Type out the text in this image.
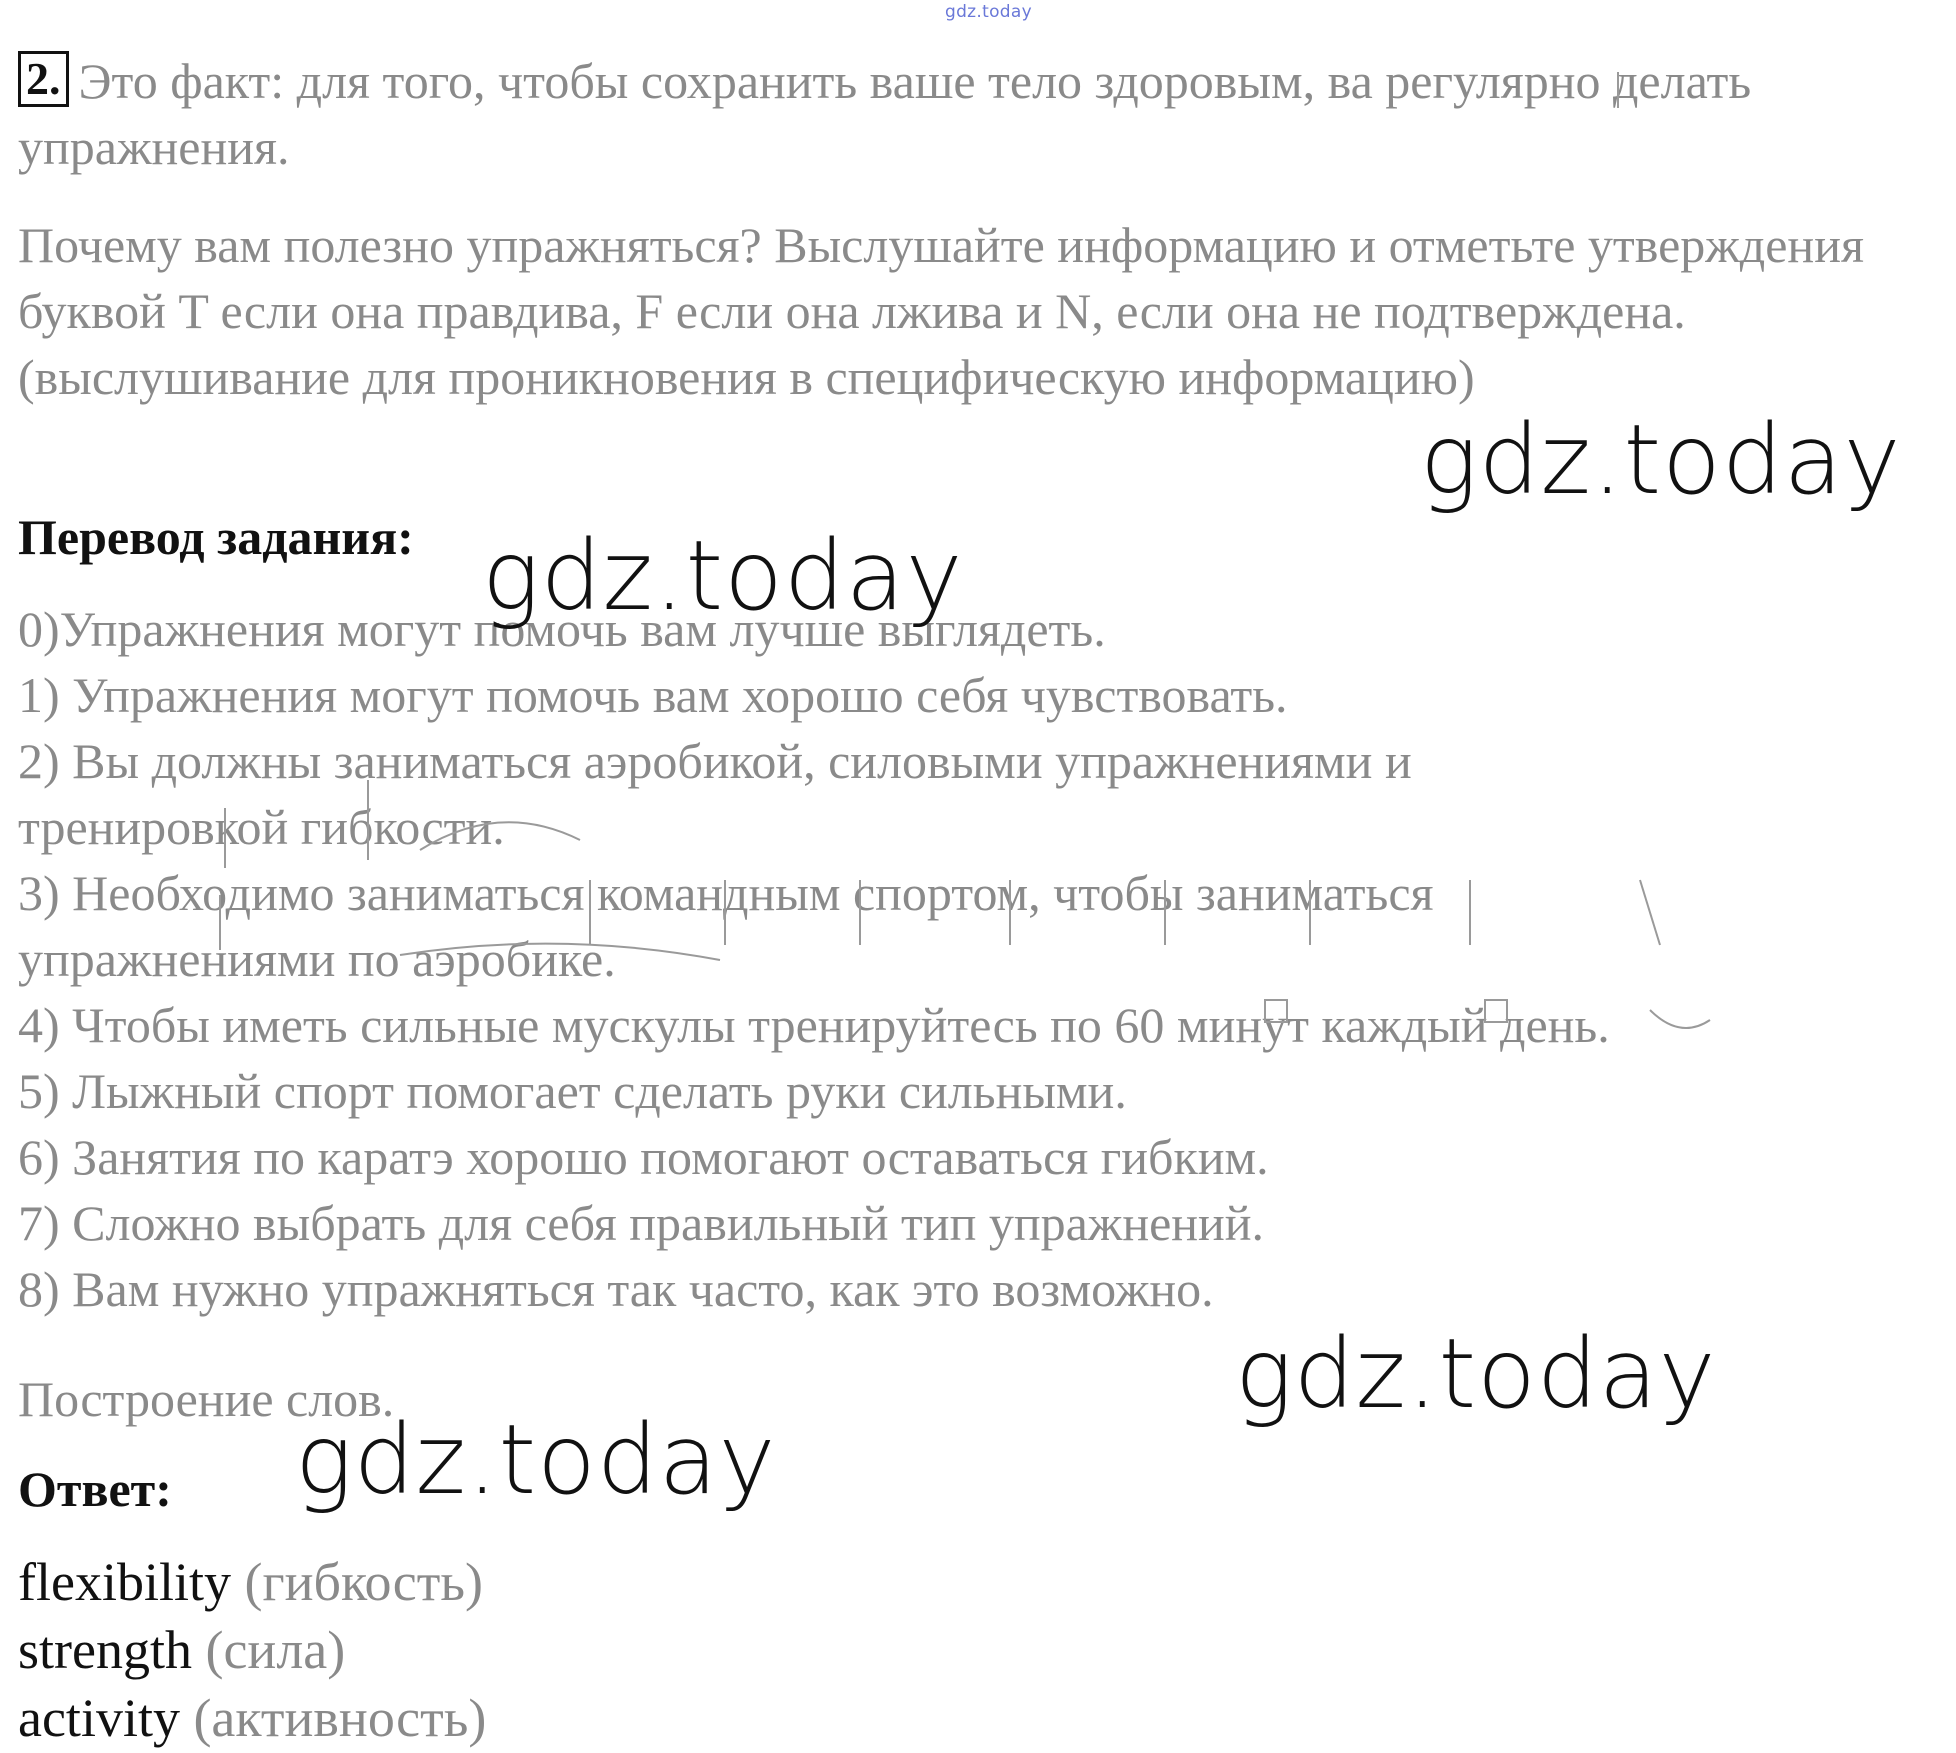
gdz.today
2. Это факт: для того, чтобы сохранить ваше тело здоровым, ва регулярно делать упражнения.
Почему вам полезно упражняться? Выслушайте информацию и отметьте утверждения буквой T если она правдива, F если она лжива и N, если она не подтверждена. (выслушивание для проникновения в специфическую информацию)
Перевод задания:

0)Упражнения могут помочь вам лучше выглядеть.

1) Упражнения могут помочь вам хорошо себя чувствовать.

2) Вы должны заниматься аэробикой, силовыми упражнениями и

тренировкой гибкости.

3) Необходимо заниматься командным спортом, чтобы заниматься

упражнениями по аэробике.

4) Чтобы иметь сильные мускулы тренируйтесь по 60 минут каждый день.

5) Лыжный спорт помогает сделать руки сильными.

6) Занятия по каратэ хорошо помогают оставаться гибким.

7) Сложно выбрать для себя правильный тип упражнений.

8) Вам нужно упражняться так часто, как это возможно.

Построение слов.
Ответ:

flexibility (гибкость)

strength (сила)

activity (активность)

gdz.today
gdz.today
gdz.today
gdz.today
